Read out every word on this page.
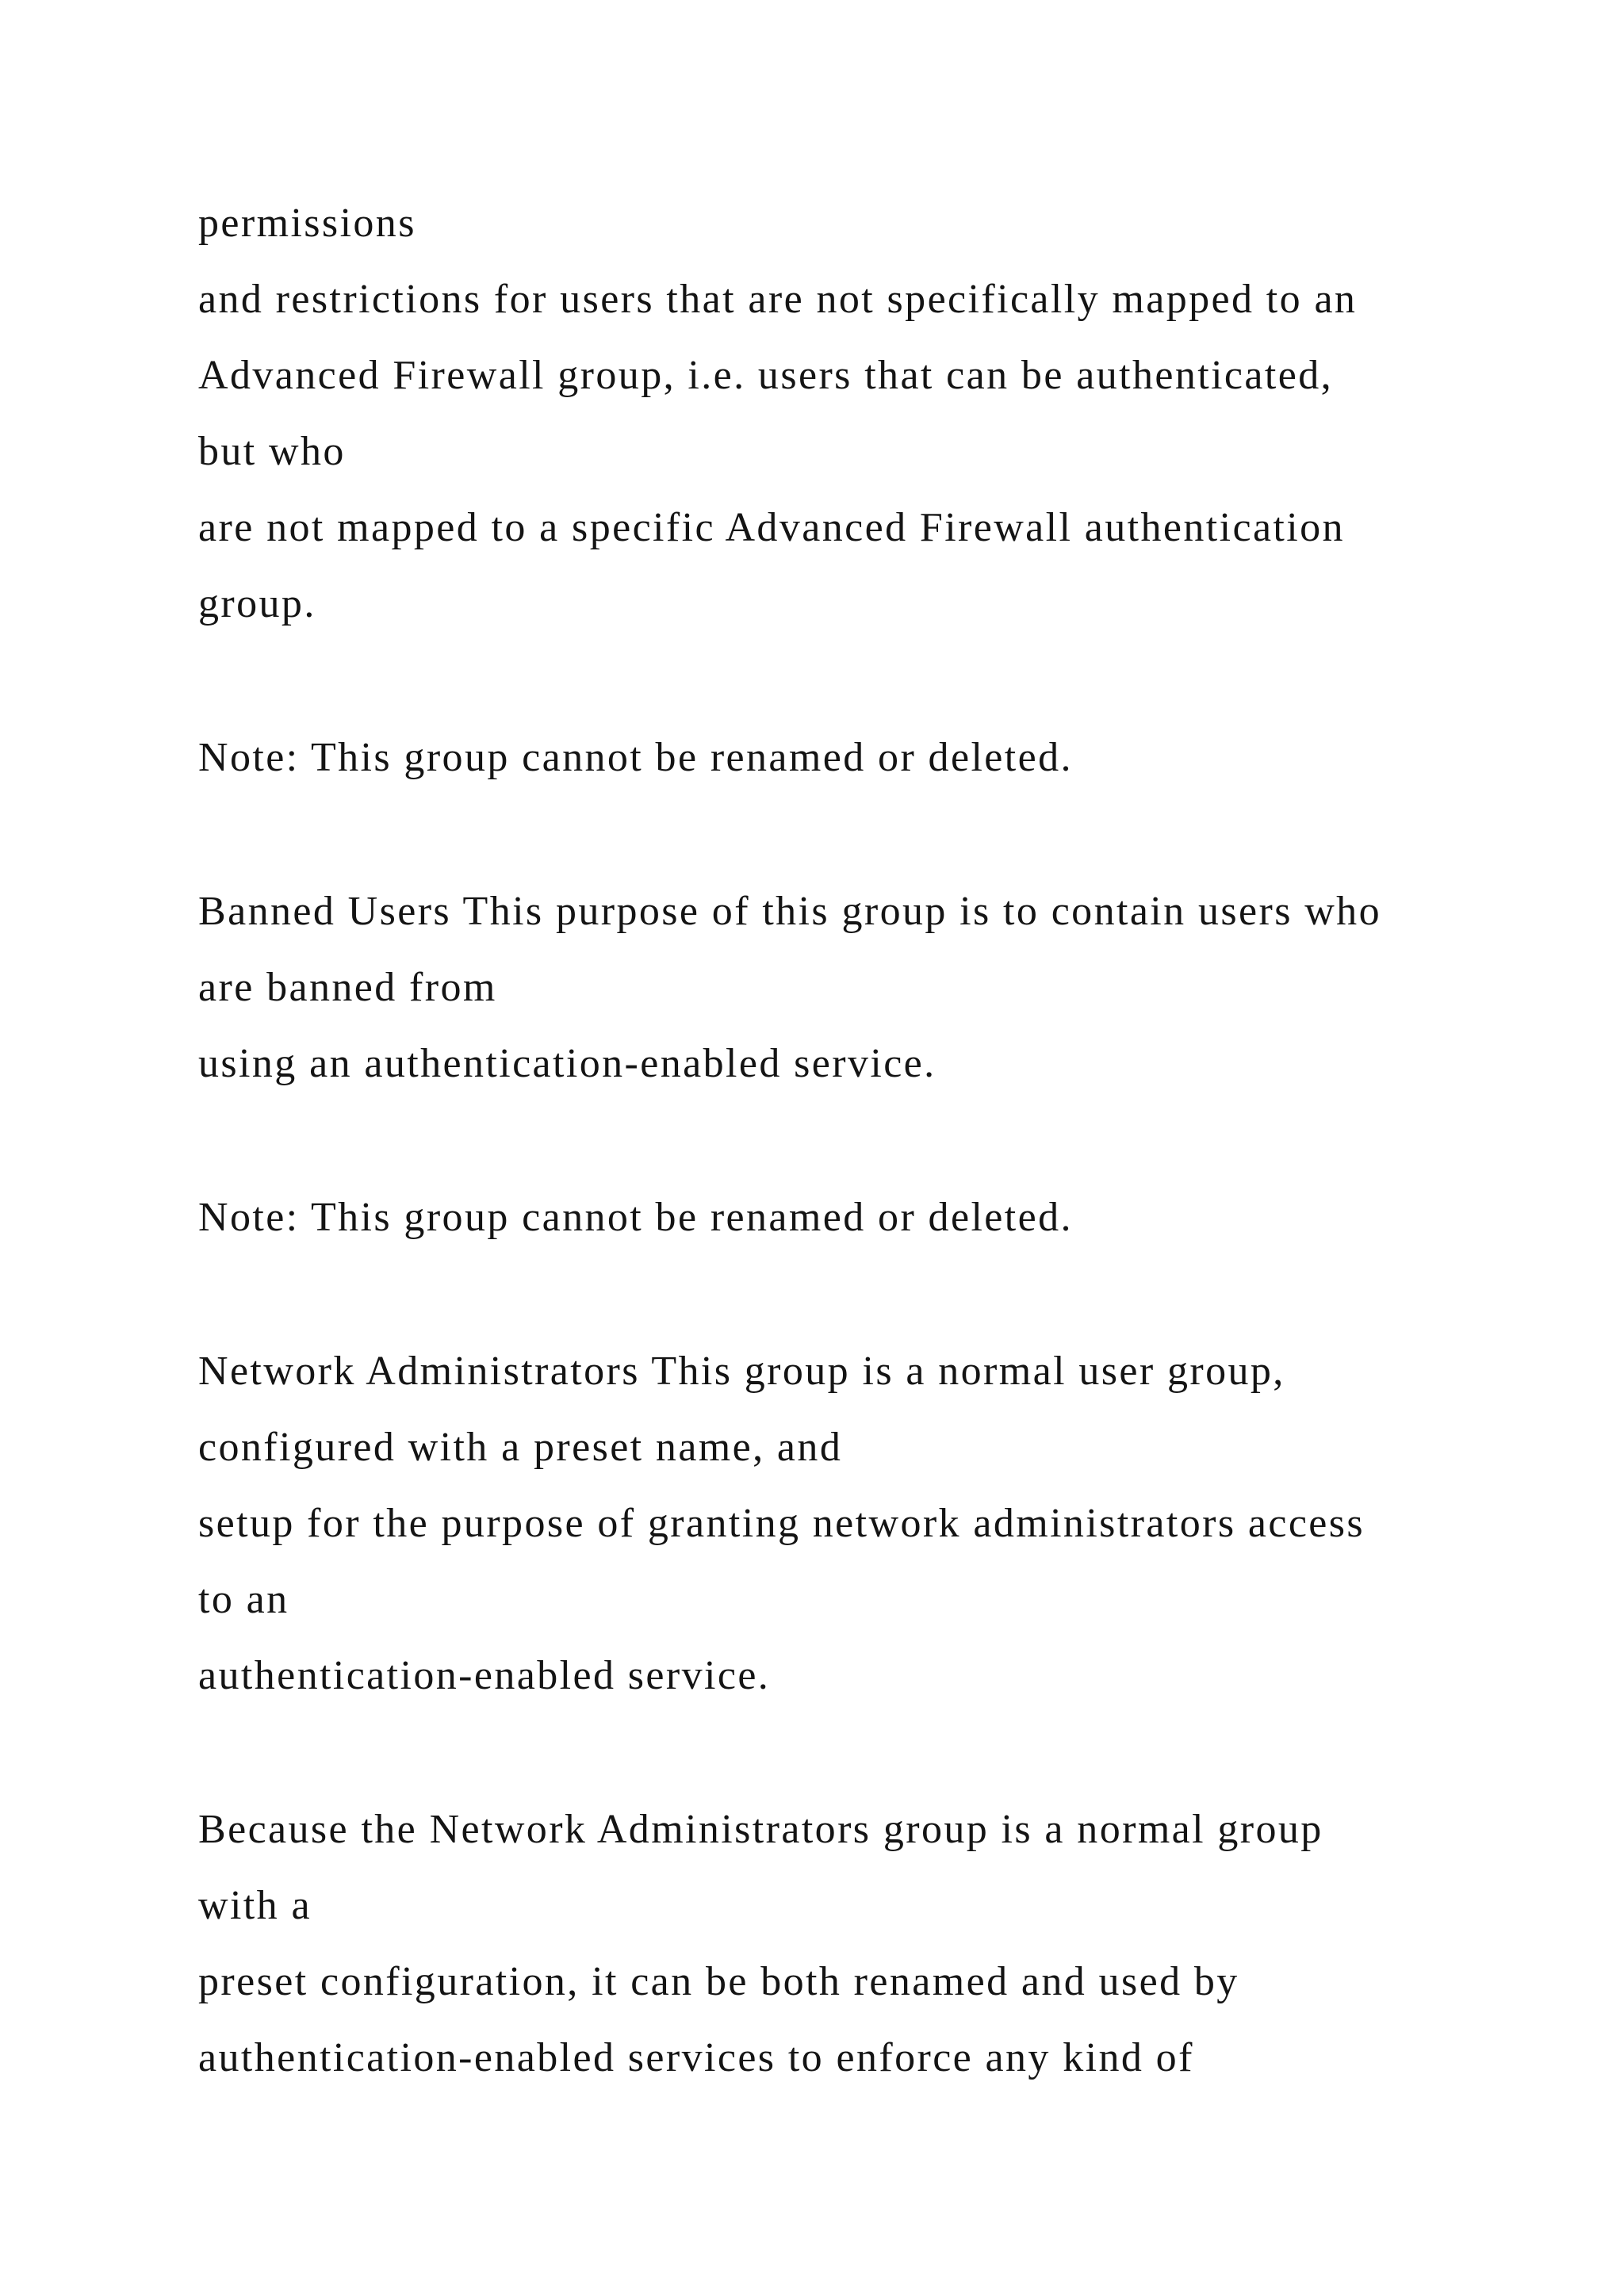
permissions

and restrictions for users that are not specifically mapped to an

Advanced Firewall group, i.e. users that can be authenticated,

but who

are not mapped to a specific Advanced Firewall authentication

group.

Note: This group cannot be renamed or deleted.

Banned Users This purpose of this group is to contain users who

are banned from

using an authentication-enabled service.

Note: This group cannot be renamed or deleted.

Network Administrators This group is a normal user group,

configured with a preset name, and

setup for the purpose of granting network administrators access

to an

authentication-enabled service.

Because the Network Administrators group is a normal group

with a

preset configuration, it can be both renamed and used by

authentication-enabled services to enforce any kind of
